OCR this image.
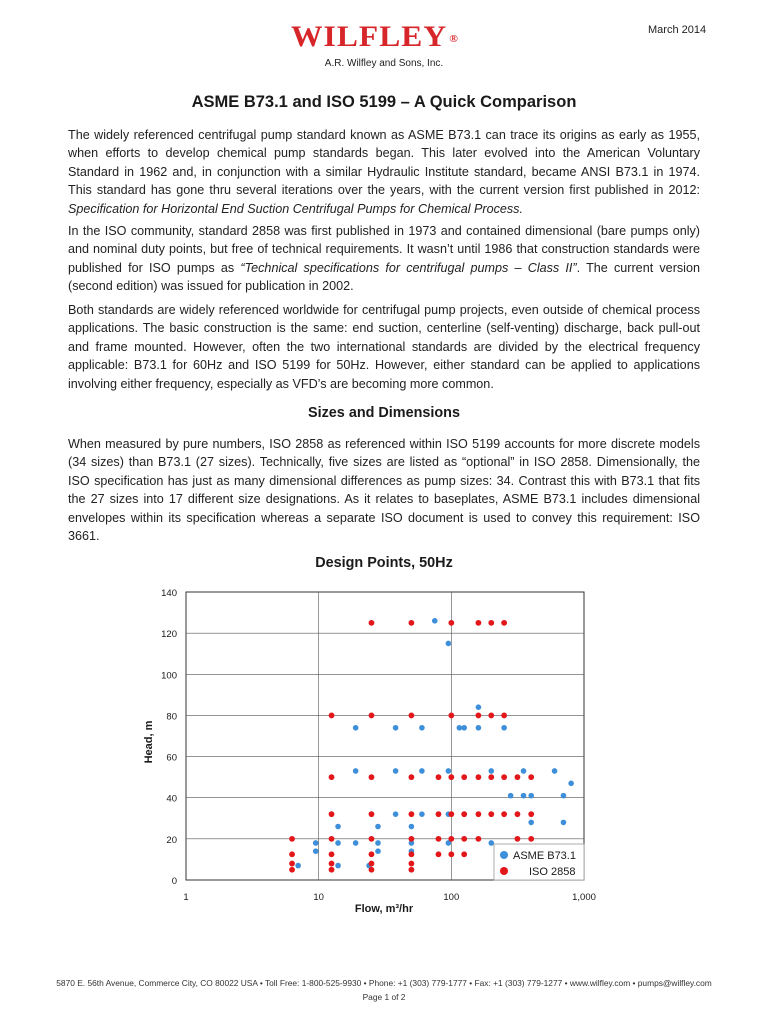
WILFLEY ®
March 2014
A.R. Wilfley and Sons, Inc.
ASME B73.1 and ISO 5199 – A Quick Comparison
The widely referenced centrifugal pump standard known as ASME B73.1 can trace its origins as early as 1955, when efforts to develop chemical pump standards began. This later evolved into the American Voluntary Standard in 1962 and, in conjunction with a similar Hydraulic Institute standard, became ANSI B73.1 in 1974. This standard has gone thru several iterations over the years, with the current version first published in 2012: Specification for Horizontal End Suction Centrifugal Pumps for Chemical Process.
In the ISO community, standard 2858 was first published in 1973 and contained dimensional (bare pumps only) and nominal duty points, but free of technical requirements. It wasn’t until 1986 that construction standards were published for ISO pumps as “Technical specifications for centrifugal pumps – Class II”. The current version (second edition) was issued for publication in 2002.
Both standards are widely referenced worldwide for centrifugal pump projects, even outside of chemical process applications. The basic construction is the same: end suction, centerline (self-venting) discharge, back pull-out and frame mounted. However, often the two international standards are divided by the electrical frequency applicable: B73.1 for 60Hz and ISO 5199 for 50Hz. However, either standard can be applied to applications involving either frequency, especially as VFD’s are becoming more common.
Sizes and Dimensions
When measured by pure numbers, ISO 2858 as referenced within ISO 5199 accounts for more discrete models (34 sizes) than B73.1 (27 sizes). Technically, five sizes are listed as “optional” in ISO 2858. Dimensionally, the ISO specification has just as many dimensional differences as pump sizes: 34. Contrast this with B73.1 that fits the 27 sizes into 17 different size designations. As it relates to baseplates, ASME B73.1 includes dimensional envelopes within its specification whereas a separate ISO document is used to convey this requirement: ISO 3661.
Design Points, 50Hz
0
20
40
60
80
100
120
140
1	10	100	1,000
Head, m
Flow, m³/hr
ASME B73.1
ISO 2858
5870 E. 56th Avenue, Commerce City, CO 80022 USA • Toll Free: 1-800-525-9930 • Phone: +1 (303) 779-1777 • Fax: +1 (303) 779-1277 • www.wilfley.com • pumps@wilfley.com
Page 1 of 2
